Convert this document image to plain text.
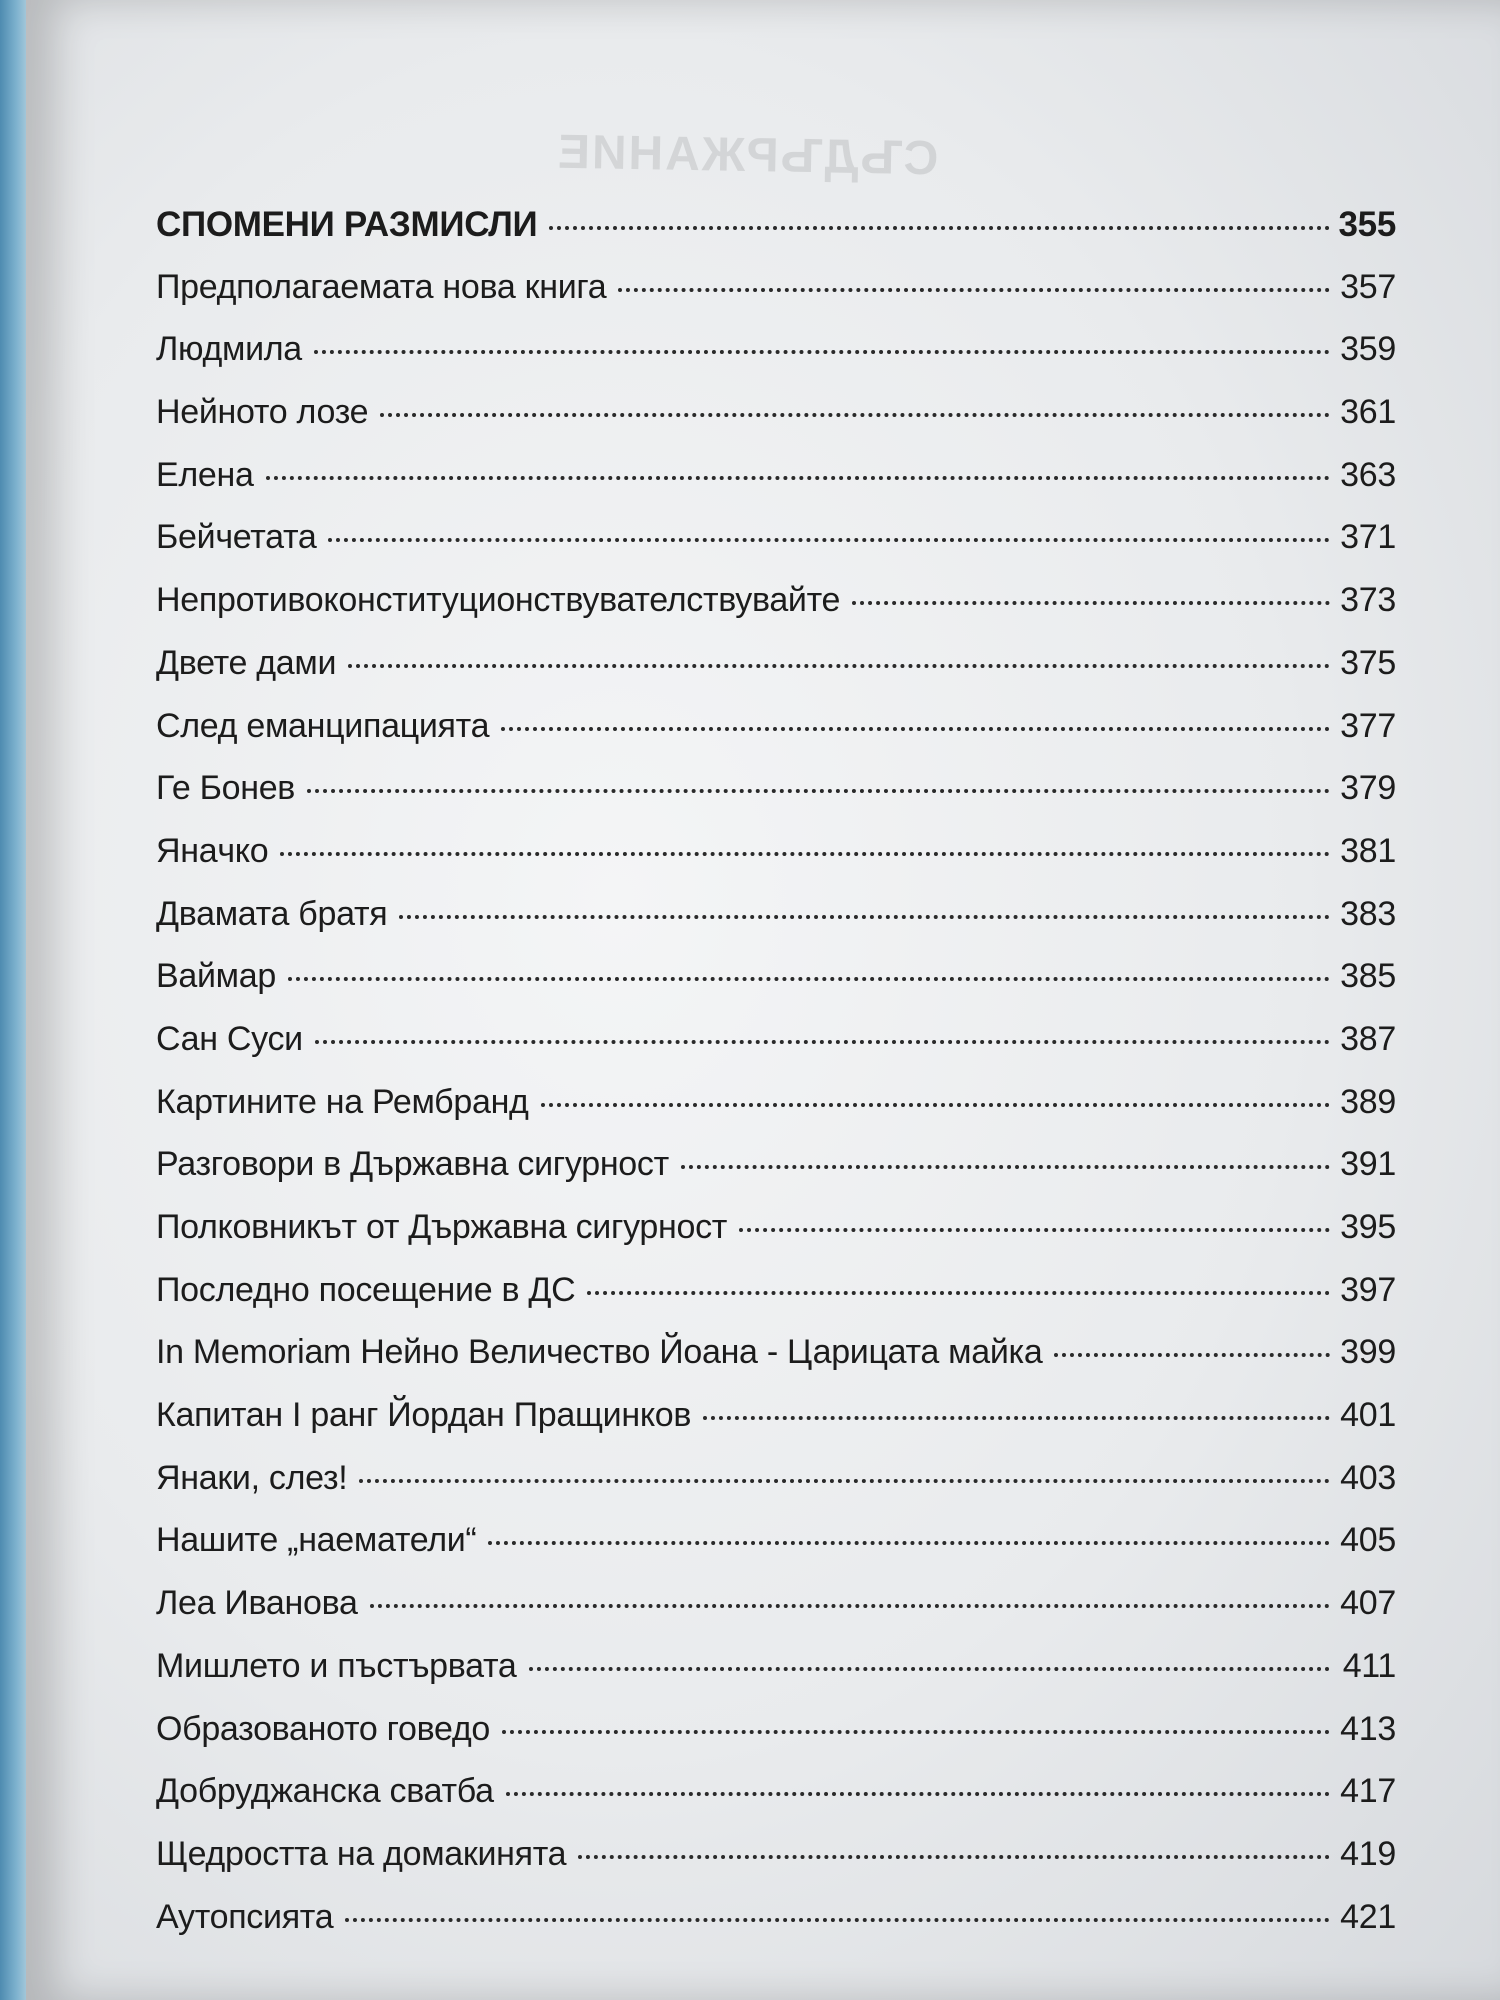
СЪДЪРЖАНИЕ
СПОМЕНИ РАЗМИСЛИ	355
Предполагаемата нова книга	357
Людмила	359
Нейното лозе	361
Елена	363
Бейчетата	371
Непротивоконституционствувателствувайте	373
Двете дами	375
След еманципацията	377
Ге Бонев	379
Янaчко	381
Двамата братя	383
Ваймар	385
Сан Суси	387
Картините на Рембранд	389
Разговори в Държавна сигурност	391
Полковникът от Държавна сигурност	395
Последно посещение в ДС	397
In Memoriam Нейно Величество Йоана - Царицата майка	399
Капитан I ранг Йордан Пращинков	401
Янаки, слез!	403
Нашите „наематели“	405
Леа Иванова	407
Мишлето и пъстървата	411
Образованото говедо	413
Добруджанска сватба	417
Щедростта на домакинята	419
Аутопсията	421
